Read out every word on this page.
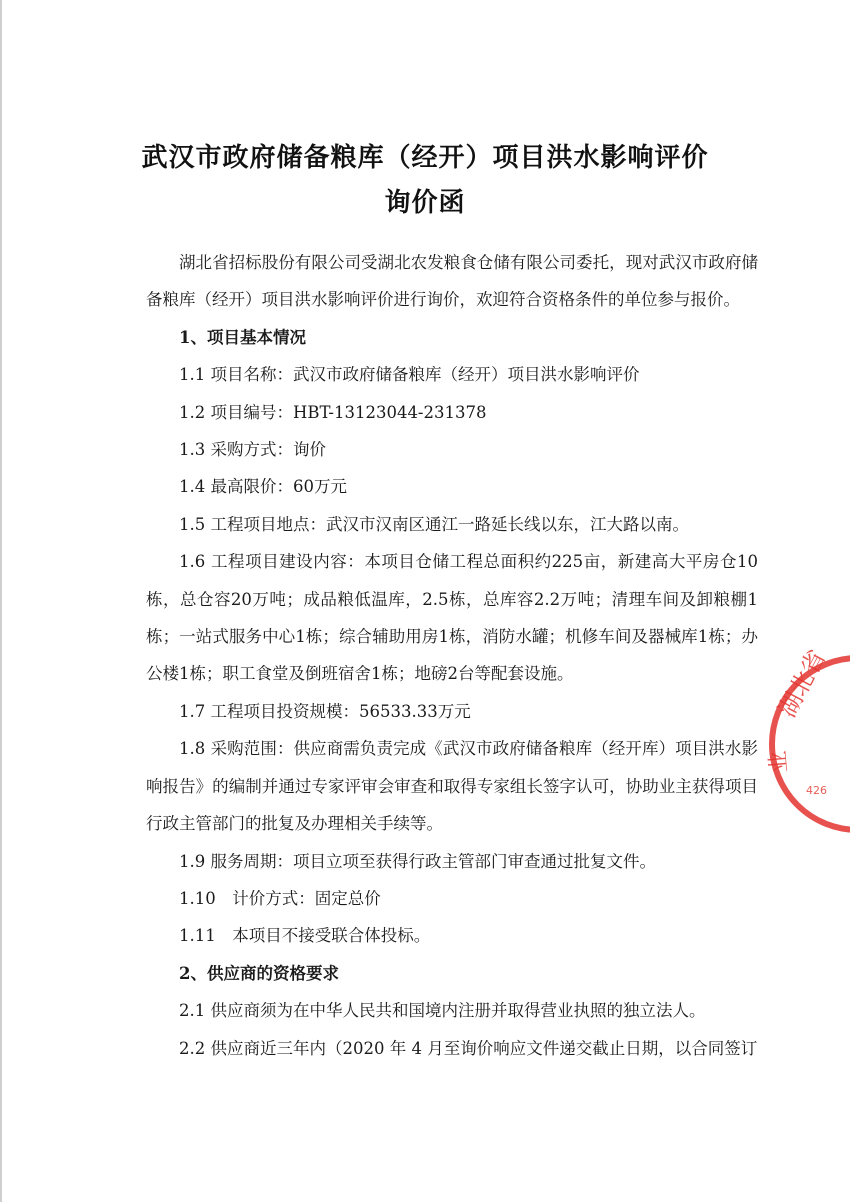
武汉市政府储备粮库（经开）项目洪水影响评价
询价函

湖北省招标股份有限公司受湖北农发粮食仓储有限公司委托，现对武汉市政府储备粮库（经开）项目洪水影响评价进行询价，欢迎符合资格条件的单位参与报价。

1、项目基本情况

1.1 项目名称：武汉市政府储备粮库（经开）项目洪水影响评价

1.2 项目编号：HBT-13123044-231378

1.3 采购方式：询价

1.4 最高限价：60万元

1.5 工程项目地点：武汉市汉南区通江一路延长线以东，江大路以南。

1.6 工程项目建设内容：本项目仓储工程总面积约225亩，新建高大平房仓10栋，总仓容20万吨；成品粮低温库，2.5栋，总库容2.2万吨；清理车间及卸粮棚1栋；一站式服务中心1栋；综合辅助用房1栋，消防水罐；机修车间及器械库1栋；办公楼1栋；职工食堂及倒班宿舍1栋；地磅2台等配套设施。

1.7 工程项目投资规模：56533.33万元

1.8 采购范围：供应商需负责完成《武汉市政府储备粮库（经开库）项目洪水影响报告》的编制并通过专家评审会审查和取得专家组长签字认可，协助业主获得项目行政主管部门的批复及办理相关手续等。

1.9 服务周期：项目立项至获得行政主管部门审查通过批复文件。

1.10　计价方式：固定总价

1.11　本项目不接受联合体投标。

2、供应商的资格要求

2.1 供应商须为在中华人民共和国境内注册并取得营业执照的独立法人。

2.2 供应商近三年内（2020 年 4 月至询价响应文件递交截止日期，以合同签订

湖北省
业
426
